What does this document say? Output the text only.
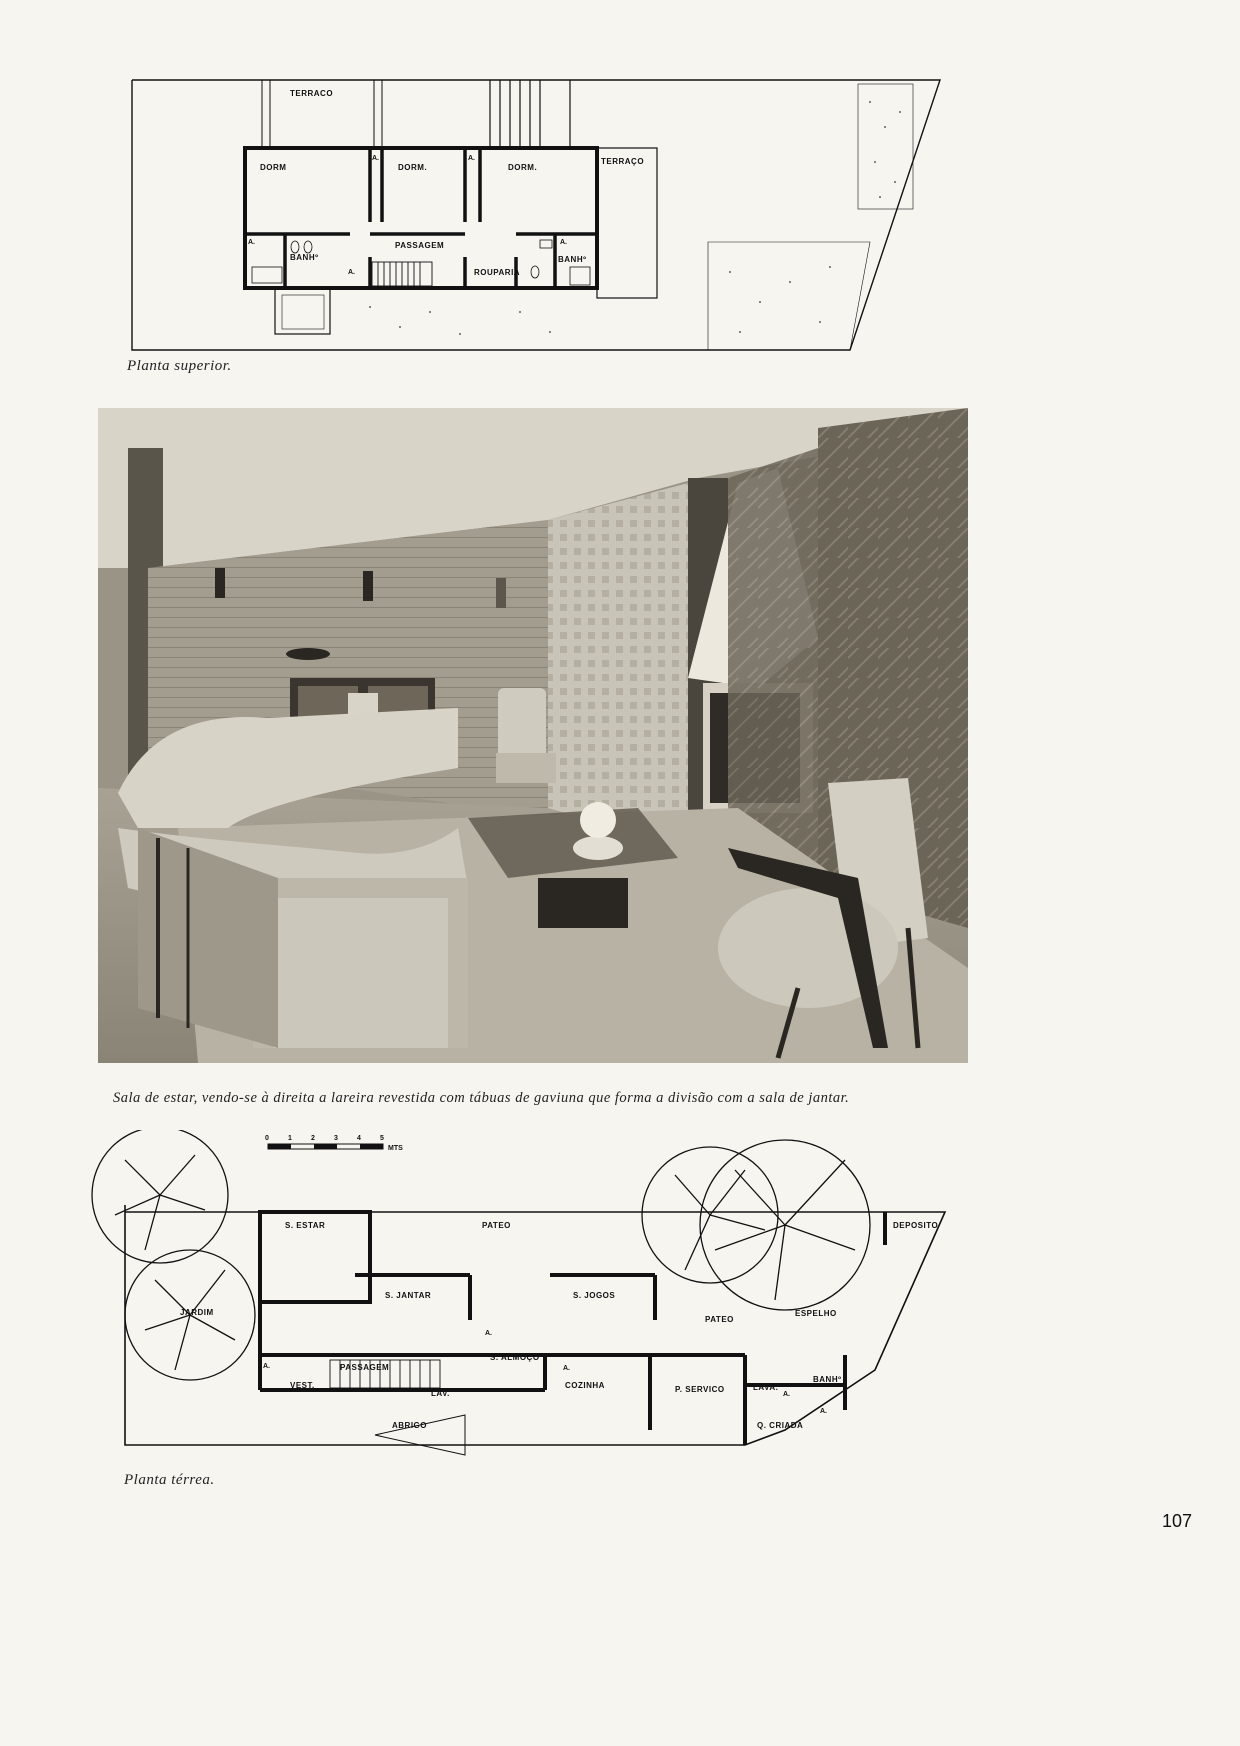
TERRACO
TERRAÇO
DORM	DORM.	DORM.
A.	A.
A.
A.
A.
PASSAGEM
BANHº	BANHº
ROUPARIA
Planta superior.
Sala de estar, vendo-se à direita a lareira revestida com tábuas de gaviuna que forma a divisão com a sala de jantar.
0	1	2	3	4	5
MTS
S. ESTAR	PATEO	DEPOSITO
JARDIM
S. JANTAR	S. JOGOS
PATEO
ESPELHO
A.
A.	A.
A.
A.
S. ALMOÇO
PASSAGEM
VEST.
LAV.
COZINHA	P. SERVICO	LAVA.
BANHº
ABRIGO	Q. CRIADA
Planta térrea.
107
